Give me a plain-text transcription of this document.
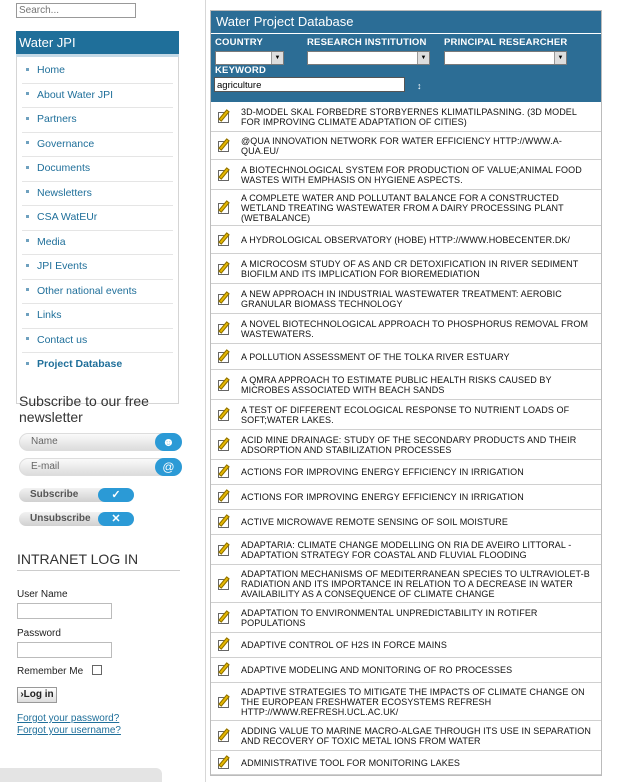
Search...
Water JPI
Home
About Water JPI
Partners
Governance
Documents
Newsletters
CSA WatEUr
Media
JPI Events
Other national events
Links
Contact us
Project Database
Subscribe to our free newsletter
Name	☻
E-mail	@
Subscribe	✓
Unsubscribe	✕
INTRANET LOG IN
User Name
Password
Remember Me
›Log in
Forgot your password?
Forgot your username?
Water Project Database
COUNTRY
▼
RESEARCH INSTITUTION
▼
PRINCIPAL RESEARCHER
▼
KEYWORD
3D-MODEL SKAL FORBEDRE STORBYERNES KLIMATILPASNING. (3D MODEL FOR IMPROVING CLIMATE ADAPTATION OF CITIES)
@QUA INNOVATION NETWORK FOR WATER EFFICIENCY HTTP://WWW.A-QUA.EU/
A BIOTECHNOLOGICAL SYSTEM FOR PRODUCTION OF VALUE;ANIMAL FOOD WASTES WITH EMPHASIS ON HYGIENE ASPECTS.
A COMPLETE WATER AND POLLUTANT BALANCE FOR A CONSTRUCTED WETLAND TREATING WASTEWATER FROM A DAIRY PROCESSING PLANT (WETBALANCE)
A HYDROLOGICAL OBSERVATORY (HOBE) HTTP://WWW.HOBECENTER.DK/
A MICROCOSM STUDY OF AS AND CR DETOXIFICATION IN RIVER SEDIMENT BIOFILM AND ITS IMPLICATION FOR BIOREMEDIATION
A NEW APPROACH IN INDUSTRIAL WASTEWATER TREATMENT: AEROBIC GRANULAR BIOMASS TECHNOLOGY
A NOVEL BIOTECHNOLOGICAL APPROACH TO PHOSPHORUS REMOVAL FROM WASTEWATERS.
A POLLUTION ASSESSMENT OF THE TOLKA RIVER ESTUARY
A QMRA APPROACH TO ESTIMATE PUBLIC HEALTH RISKS CAUSED BY MICROBES ASSOCIATED WITH BEACH SANDS
A TEST OF DIFFERENT ECOLOGICAL RESPONSE TO NUTRIENT LOADS OF SOFT;WATER LAKES.
ACID MINE DRAINAGE: STUDY OF THE SECONDARY PRODUCTS AND THEIR ADSORPTION AND STABILIZATION PROCESSES
ACTIONS FOR IMPROVING ENERGY EFFICIENCY IN IRRIGATION
ACTIONS FOR IMPROVING ENERGY EFFICIENCY IN IRRIGATION
ACTIVE MICROWAVE REMOTE SENSING OF SOIL MOISTURE
ADAPTARIA: CLIMATE CHANGE MODELLING ON RIA DE AVEIRO LITTORAL - ADAPTATION STRATEGY FOR COASTAL AND FLUVIAL FLOODING
ADAPTATION MECHANISMS OF MEDITERRANEAN SPECIES TO ULTRAVIOLET-B RADIATION AND ITS IMPORTANCE IN RELATION TO A DECREASE IN WATER AVAILABILITY AS A CONSEQUENCE OF CLIMATE CHANGE
ADAPTATION TO ENVIRONMENTAL UNPREDICTABILITY IN ROTIFER POPULATIONS
ADAPTIVE CONTROL OF H2S IN FORCE MAINS
ADAPTIVE MODELING AND MONITORING OF RO PROCESSES
ADAPTIVE STRATEGIES TO MITIGATE THE IMPACTS OF CLIMATE CHANGE ON THE EUROPEAN FRESHWATER ECOSYSTEMS REFRESH HTTP://WWW.REFRESH.UCL.AC.UK/
ADDING VALUE TO MARINE MACRO-ALGAE THROUGH ITS USE IN SEPARATION AND RECOVERY OF TOXIC METAL IONS FROM WATER
ADMINISTRATIVE TOOL FOR MONITORING LAKES
agriculture	↕
